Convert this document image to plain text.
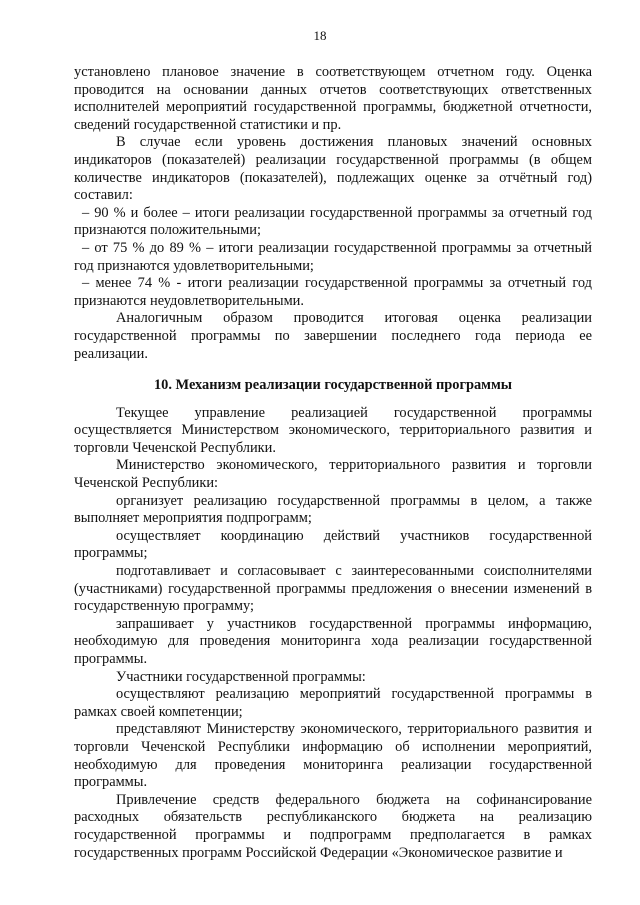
18

установлено плановое значение в соответствующем отчетном году. Оценка проводится на основании данных отчетов соответствующих ответственных исполнителей мероприятий государственной программы, бюджетной отчетности, сведений государственной статистики и пр.

В случае если уровень достижения плановых значений основных индикаторов (показателей) реализации государственной программы (в общем количестве индикаторов (показателей), подлежащих оценке за отчётный год) составил:

– 90 % и более – итоги реализации государственной программы за отчетный год признаются положительными;

– от 75 % до 89 % – итоги реализации государственной программы за отчетный год признаются удовлетворительными;

– менее 74 % - итоги реализации государственной программы за отчетный год признаются неудовлетворительными.

Аналогичным образом проводится итоговая оценка реализации государственной программы по завершении последнего года периода ее реализации.

10. Механизм реализации государственной программы

Текущее управление реализацией государственной программы осуществляется Министерством экономического, территориального развития и торговли Чеченской Республики.

Министерство экономического, территориального развития и торговли Чеченской Республики:

организует реализацию государственной программы в целом, а также выполняет мероприятия подпрограмм;

осуществляет координацию действий участников государственной программы;

подготавливает и согласовывает с заинтересованными соисполнителями (участниками) государственной программы предложения о внесении изменений в государственную программу;

запрашивает у участников государственной программы информацию, необходимую для проведения мониторинга хода реализации государственной программы.

Участники государственной программы:

осуществляют реализацию мероприятий государственной программы в рамках своей компетенции;

представляют Министерству экономического, территориального развития и торговли Чеченской Республики информацию об исполнении мероприятий, необходимую для проведения мониторинга реализации государственной программы.

Привлечение средств федерального бюджета на софинансирование расходных обязательств республиканского бюджета на реализацию государственной программы и подпрограмм предполагается в рамках государственных программ Российской Федерации «Экономическое развитие и
